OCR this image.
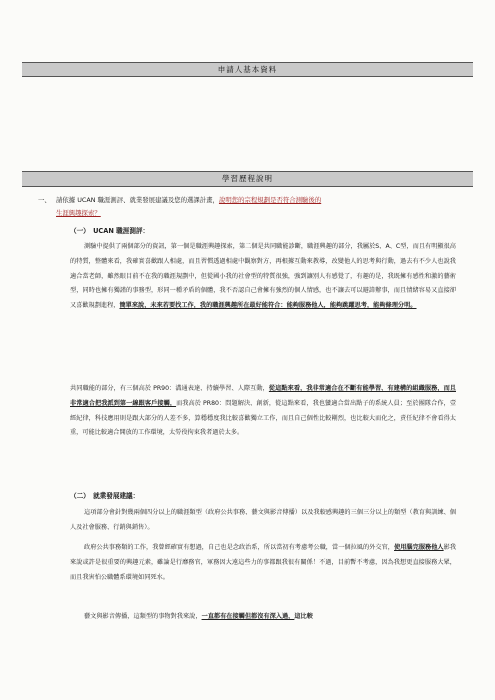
申請人基本資料
學習歷程說明
一、 請依據 UCAN 職涯測評、就業發展建議及您的選課計畫，說明您的宗程規劃是否符合測驗後的
生涯興趣探索？
（一）　UCAN 職涯測評：
測驗中提供了兩個部分的資訊，第一個是職涯興趣探索，第二個是共同職能診斷，職涯興趣的部分，我屬於S、A、C型，而且有明顯很高的特質，整體來看，我確實喜歡跟人相處，而且習慣透過相處中觀察對方，再根據互動來教導，改變他人的思考與行動，過去有不少人也說我適合當老師，雖然眼目前不在我的職涯規劃中，但從國小我的社會型的特質很強，強到讓別人有感覺了，有趣的是，我既擁有感性和激的藝術型，同時也擁有獨謹的事務型，形同一種矛盾的個體，我不否認自己會擁有強烈的個人情感，也不讓去可以避諱辦事，而且情緒容易又直接卻又喜歡規劃進程，簡單來說，未來若要找工作，我的職涯興趣所在最好能符合：能夠服務他人，能夠跳躍思考，能夠條理分明。
共同職能的部分，有三個高於 PR90：溝通表達、持續學習、人際互動，從這點來看，我非常適合在不斷有能學習、有建構的組織服務，而且非常適合把我派到第一線跟客戶接觸，而我高於 PR80：問題解決、創新，從這點來看，我也蠻適合當出點子的系統人員；至於團隊合作，壹經紀律，科技應用則是跟大部分的人差不多，算穩穩度我比較喜歡獨立工作，而且自己個性比較剛烈，也比較大而化之，責任紀律不會看得太重，可能比較適合開放的工作環境，太勞役拘束我者過於太多。
（二）　就業發展建議：
這項部分會針對幾兩個四分以上的職涯類型（政府公共事務、藝文與影音傳播）以及我較感興趣的三個三分以上的類型（教育與訓練、個人及社會服務、行銷與銷售）。
政府公共事務類的工作，我曾經確實有想過，自己也是念政治系，所以當初有考慮考公職，當一個拉風的外交官，使用腦完服務他人影我來說或許是很重要的興趣元素，雖論是行靡務官，軍務因大遠這些力的事都跟我很有關係！不過，目前暫不考慮，因為我想更直接服務大眾，而且我害怕公職體系環境如同死水。
藝文與影音傳播，這類型的事物對我來說，一直都有在接觸但都沒有深入過，這比較
